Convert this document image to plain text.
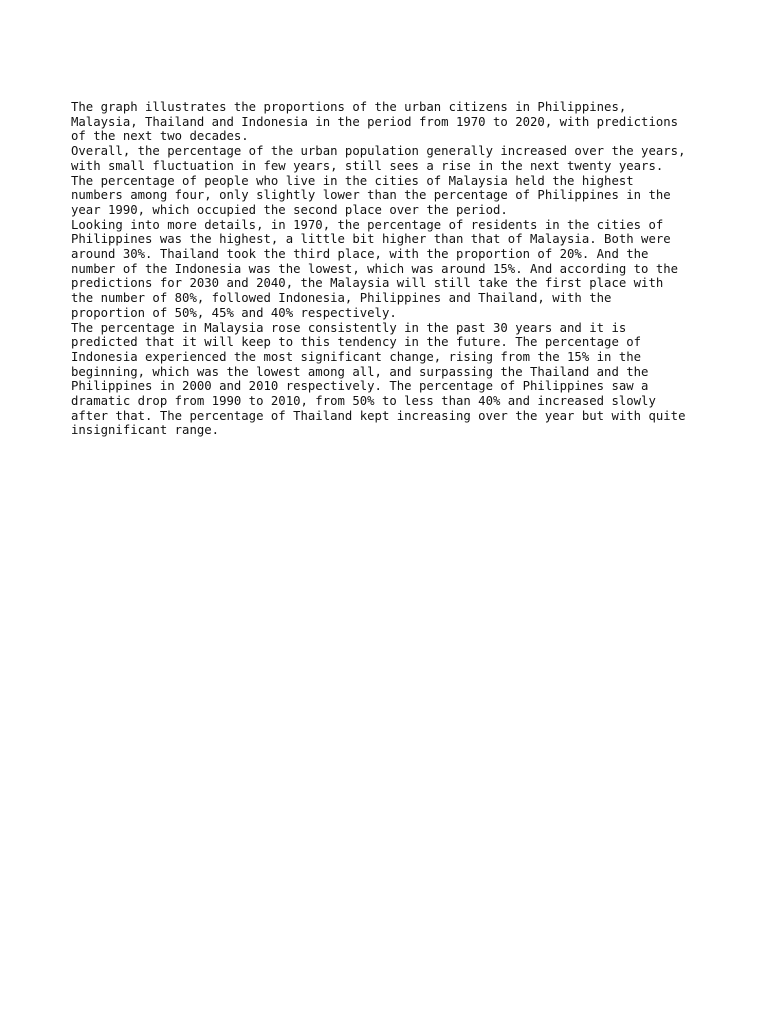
The graph illustrates the proportions of the urban citizens in Philippines,
Malaysia, Thailand and Indonesia in the period from 1970 to 2020, with predictions
of the next two decades.
Overall, the percentage of the urban population generally increased over the years,
with small fluctuation in few years, still sees a rise in the next twenty years.
The percentage of people who live in the cities of Malaysia held the highest
numbers among four, only slightly lower than the percentage of Philippines in the
year 1990, which occupied the second place over the period.
Looking into more details, in 1970, the percentage of residents in the cities of
Philippines was the highest, a little bit higher than that of Malaysia. Both were
around 30%. Thailand took the third place, with the proportion of 20%. And the
number of the Indonesia was the lowest, which was around 15%. And according to the
predictions for 2030 and 2040, the Malaysia will still take the first place with
the number of 80%, followed Indonesia, Philippines and Thailand, with the
proportion of 50%, 45% and 40% respectively.
The percentage in Malaysia rose consistently in the past 30 years and it is
predicted that it will keep to this tendency in the future. The percentage of
Indonesia experienced the most significant change, rising from the 15% in the
beginning, which was the lowest among all, and surpassing the Thailand and the
Philippines in 2000 and 2010 respectively. The percentage of Philippines saw a
dramatic drop from 1990 to 2010, from 50% to less than 40% and increased slowly
after that. The percentage of Thailand kept increasing over the year but with quite
insignificant range.
